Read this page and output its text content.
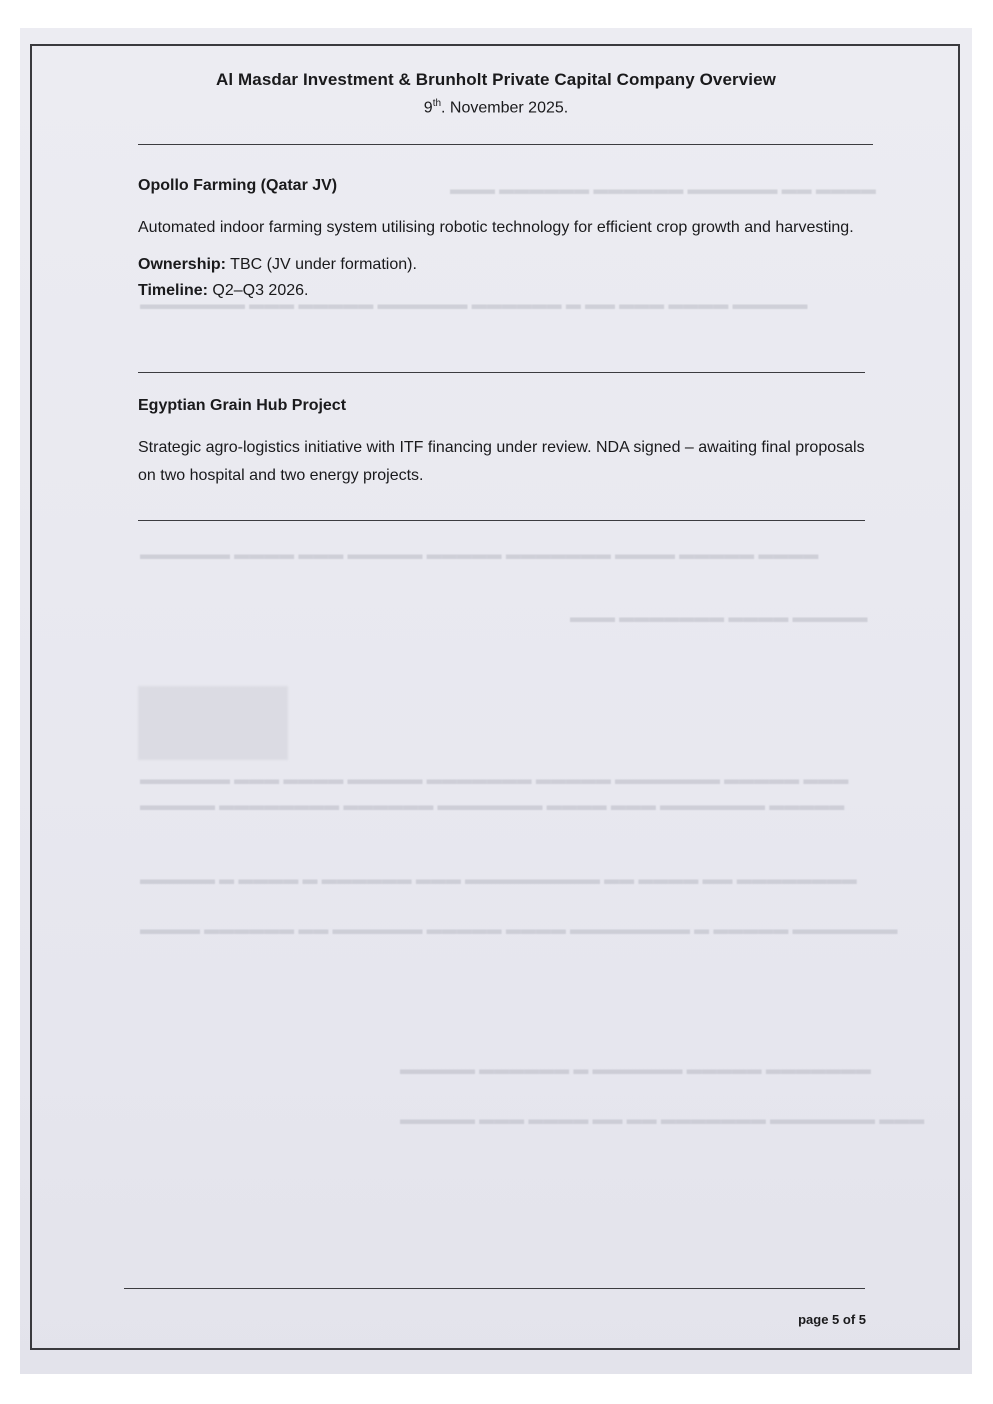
▬▬▬▬ ▬▬ ▬▬▬▬▬▬ ▬▬▬▬▬▬ ▬▬▬▬▬▬ ▬▬▬
▬▬▬▬▬ ▬▬▬▬ ▬▬▬ ▬▬ ▬ ▬▬▬▬▬▬ ▬▬▬▬▬▬ ▬▬▬▬▬ ▬▬▬ ▬▬▬▬▬▬▬
▬▬▬▬ ▬▬▬▬▬ ▬▬▬▬ ▬▬▬▬▬▬▬ ▬▬▬▬▬ ▬▬▬▬▬ ▬▬▬ ▬▬▬▬ ▬▬▬▬▬▬
▬▬▬▬▬ ▬▬▬▬ ▬▬▬▬▬▬▬ ▬▬▬
▬▬▬ ▬▬▬▬▬ ▬▬▬▬▬▬▬ ▬▬▬▬▬ ▬▬▬▬▬▬▬ ▬▬▬▬▬ ▬▬▬▬ ▬▬▬ ▬▬▬▬▬▬
▬▬▬▬▬ ▬▬▬▬▬▬▬ ▬▬▬ ▬▬▬▬ ▬▬▬▬▬▬▬ ▬▬▬▬▬▬ ▬▬▬▬▬▬▬▬ ▬▬▬▬▬
▬▬▬▬▬▬▬▬ ▬▬ ▬▬▬▬ ▬▬ ▬▬▬▬▬▬▬▬▬ ▬▬▬ ▬▬▬▬▬▬ ▬ ▬▬▬▬ ▬ ▬▬▬▬▬
▬▬▬▬▬▬▬ ▬▬▬▬▬ ▬ ▬▬▬▬▬▬▬▬ ▬▬▬▬ ▬▬▬▬▬ ▬▬▬▬▬▬ ▬▬ ▬▬▬▬▬▬ ▬▬▬▬
▬▬▬▬▬▬▬ ▬▬▬▬▬ ▬▬▬▬▬▬ ▬ ▬▬▬▬▬▬ ▬▬▬▬▬
▬▬▬ ▬▬▬▬▬▬▬ ▬▬▬▬▬▬▬ ▬▬ ▬▬ ▬▬▬▬ ▬▬▬ ▬▬▬▬▬
Al Masdar Investment & Brunholt Private Capital Company Overview
9th. November 2025.
Opollo Farming (Qatar JV)
Automated indoor farming system utilising robotic technology for efficient crop growth and harvesting.
Ownership: TBC (JV under formation).
Timeline: Q2–Q3 2026.
Egyptian Grain Hub Project
Strategic agro-logistics initiative with ITF financing under review. NDA signed – awaiting final proposals on two hospital and two energy projects.
page 5 of 5
